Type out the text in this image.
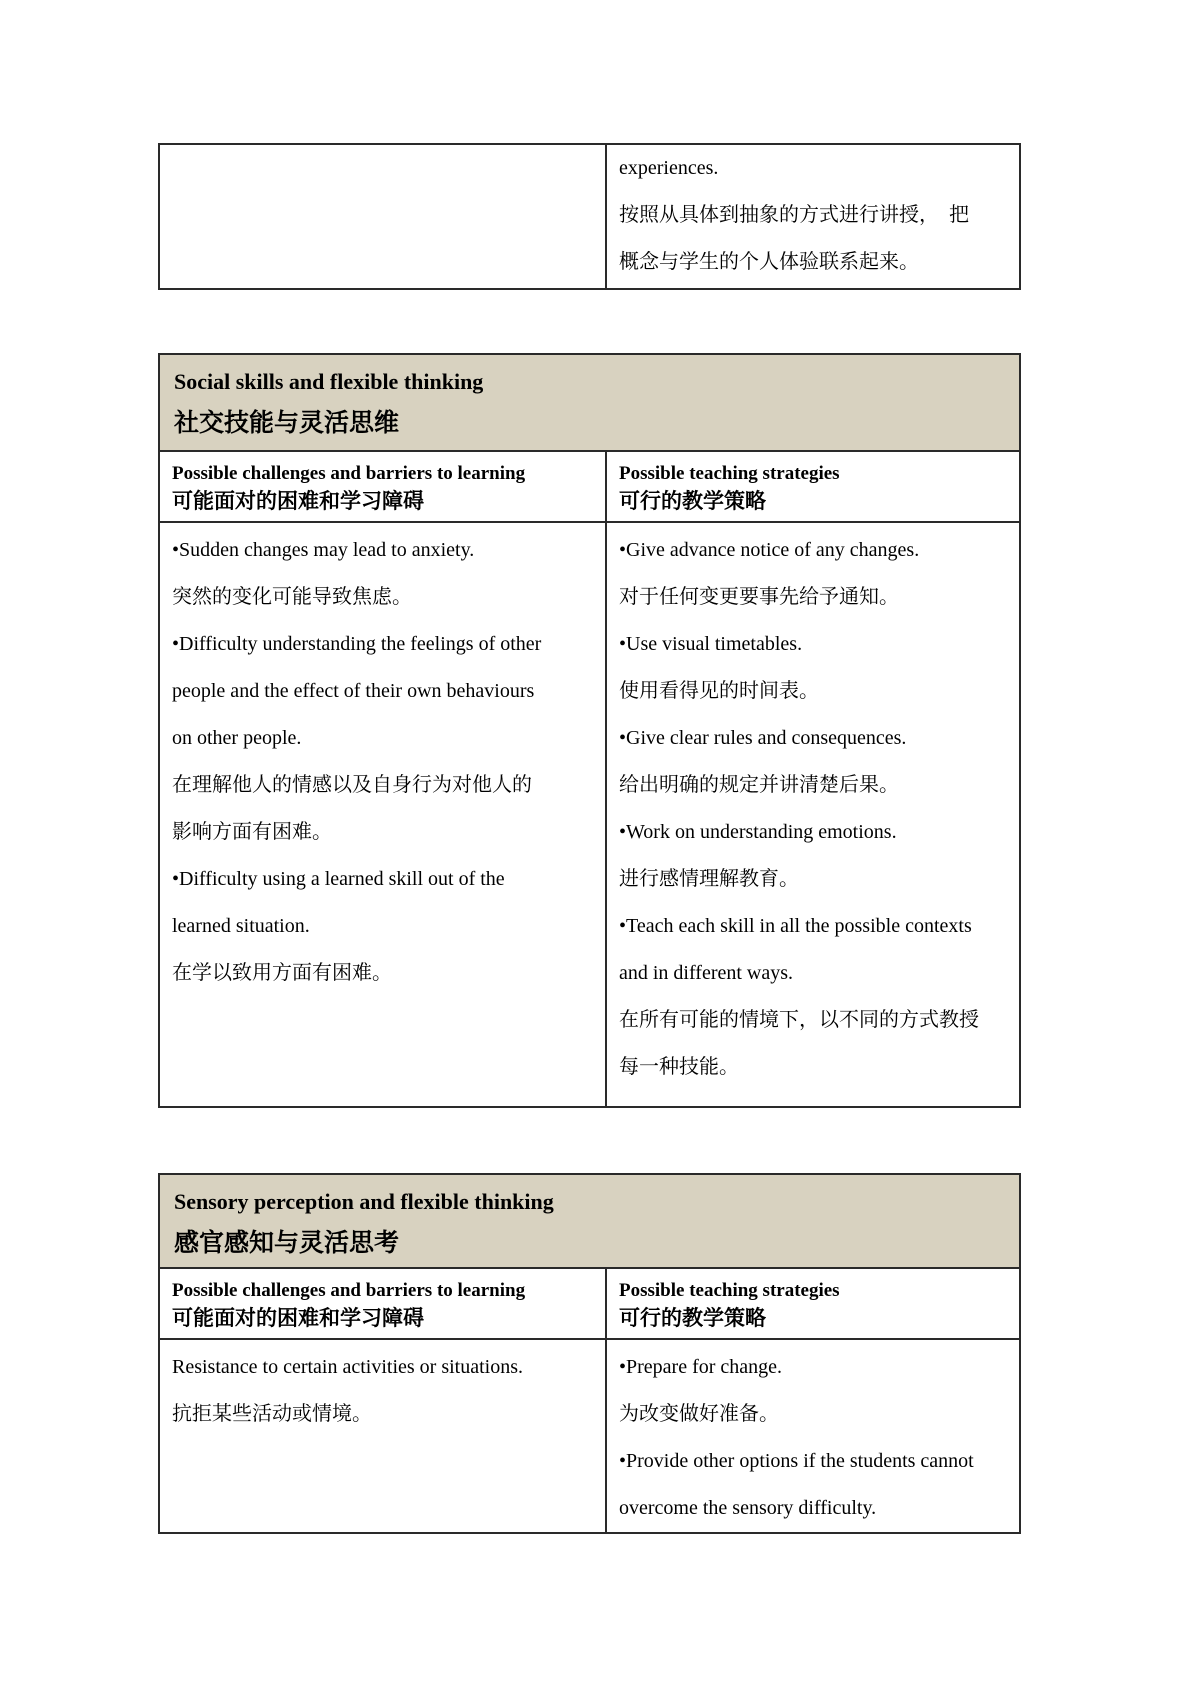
experiences.
按照从具体到抽象的方式进行讲授，　把
概念与学生的个人体验联系起来。
Social skills and flexible thinking
社交技能与灵活思维
Possible challenges and barriers to learning
可能面对的困难和学习障碍
Possible teaching strategies
可行的教学策略
•Sudden changes may lead to anxiety.
突然的变化可能导致焦虑。
•Difficulty understanding the feelings of other
people and the effect of their own behaviours
on other people.
在理解他人的情感以及自身行为对他人的
影响方面有困难。
•Difficulty using a learned skill out of the
learned situation.
在学以致用方面有困难。
•Give advance notice of any changes.
对于任何变更要事先给予通知。
•Use visual timetables.
使用看得见的时间表。
•Give clear rules and consequences.
给出明确的规定并讲清楚后果。
•Work on understanding emotions.
进行感情理解教育。
•Teach each skill in all the possible contexts
and in different ways.
在所有可能的情境下，以不同的方式教授
每一种技能。
Sensory perception and flexible thinking
感官感知与灵活思考
Possible challenges and barriers to learning
可能面对的困难和学习障碍
Possible teaching strategies
可行的教学策略
Resistance to certain activities or situations.
抗拒某些活动或情境。
•Prepare for change.
为改变做好准备。
•Provide other options if the students cannot
overcome the sensory difficulty.
